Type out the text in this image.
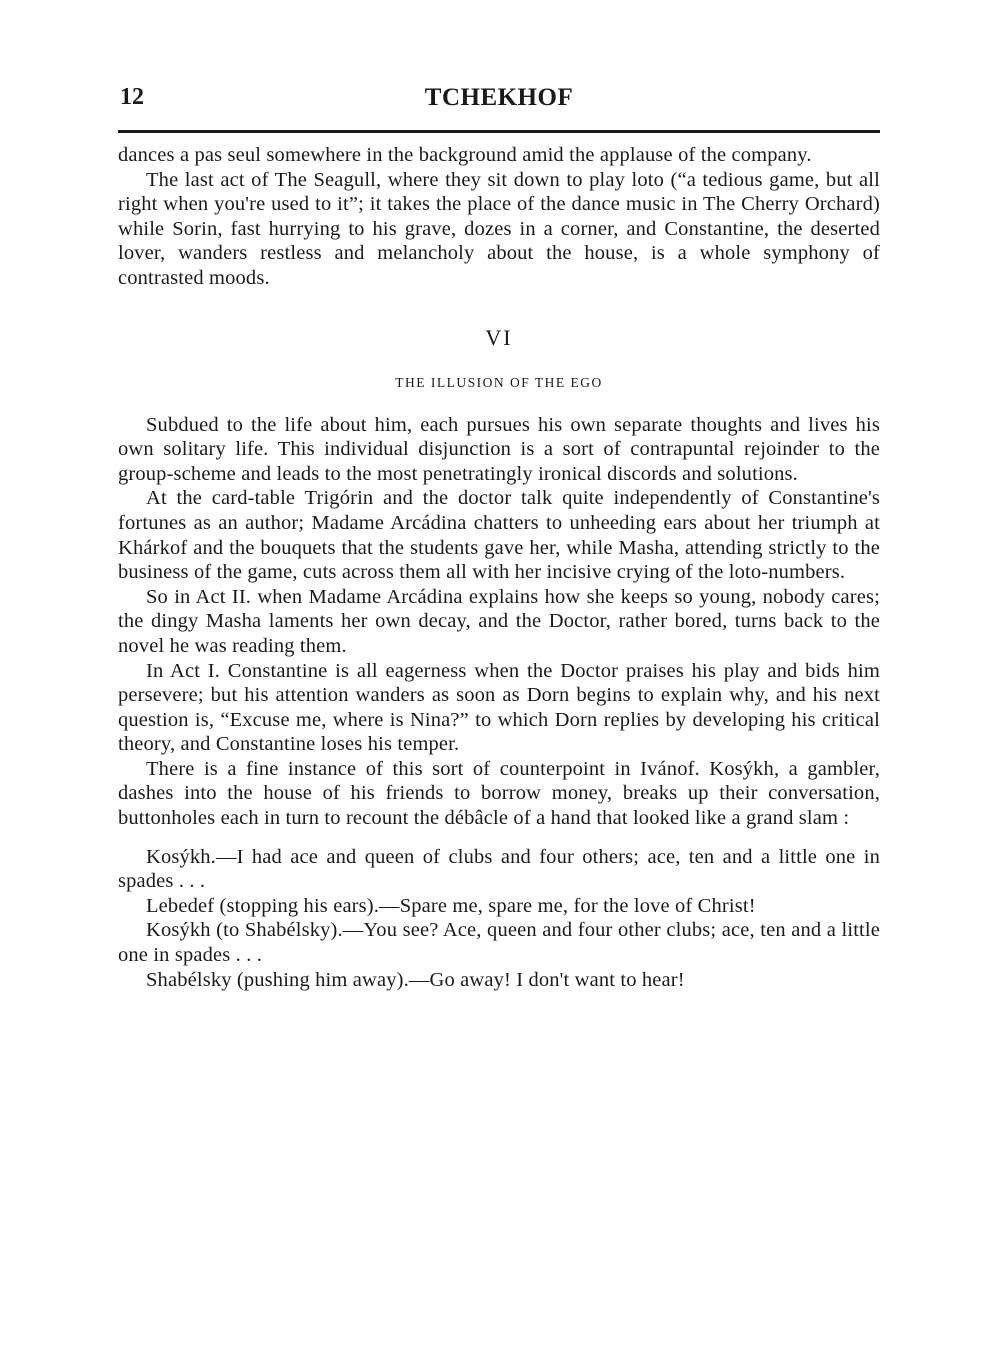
12	TCHEKHOF

dances a pas seul somewhere in the background amid the applause of the company.

The last act of The Seagull, where they sit down to play loto (“a tedious game, but all right when you're used to it”; it takes the place of the dance music in The Cherry Orchard) while Sorin, fast hurrying to his grave, dozes in a corner, and Constantine, the deserted lover, wanders restless and melancholy about the house, is a whole symphony of contrasted moods.

VI
THE ILLUSION OF THE EGO

Subdued to the life about him, each pursues his own separate thoughts and lives his own solitary life. This individual disjunction is a sort of contrapuntal rejoinder to the group-scheme and leads to the most penetratingly ironical discords and solutions.

At the card-table Trigórin and the doctor talk quite independently of Constantine's fortunes as an author; Madame Arcádina chatters to unheeding ears about her triumph at Khárkof and the bouquets that the students gave her, while Masha, attending strictly to the business of the game, cuts across them all with her incisive crying of the loto-numbers.

So in Act II. when Madame Arcádina explains how she keeps so young, nobody cares; the dingy Masha laments her own decay, and the Doctor, rather bored, turns back to the novel he was reading them.

In Act I. Constantine is all eagerness when the Doctor praises his play and bids him persevere; but his attention wanders as soon as Dorn begins to explain why, and his next question is, “Excuse me, where is Nina?” to which Dorn replies by developing his critical theory, and Constantine loses his temper.

There is a fine instance of this sort of counterpoint in Ivánof. Kosýkh, a gambler, dashes into the house of his friends to borrow money, breaks up their conversation, buttonholes each in turn to recount the débâcle of a hand that looked like a grand slam :

Kosýkh.—I had ace and queen of clubs and four others; ace, ten and a little one in spades . . .

Lebedef (stopping his ears).—Spare me, spare me, for the love of Christ!

Kosýkh (to Shabélsky).—You see? Ace, queen and four other clubs; ace, ten and a little one in spades . . .

Shabélsky (pushing him away).—Go away! I don't want to hear!
